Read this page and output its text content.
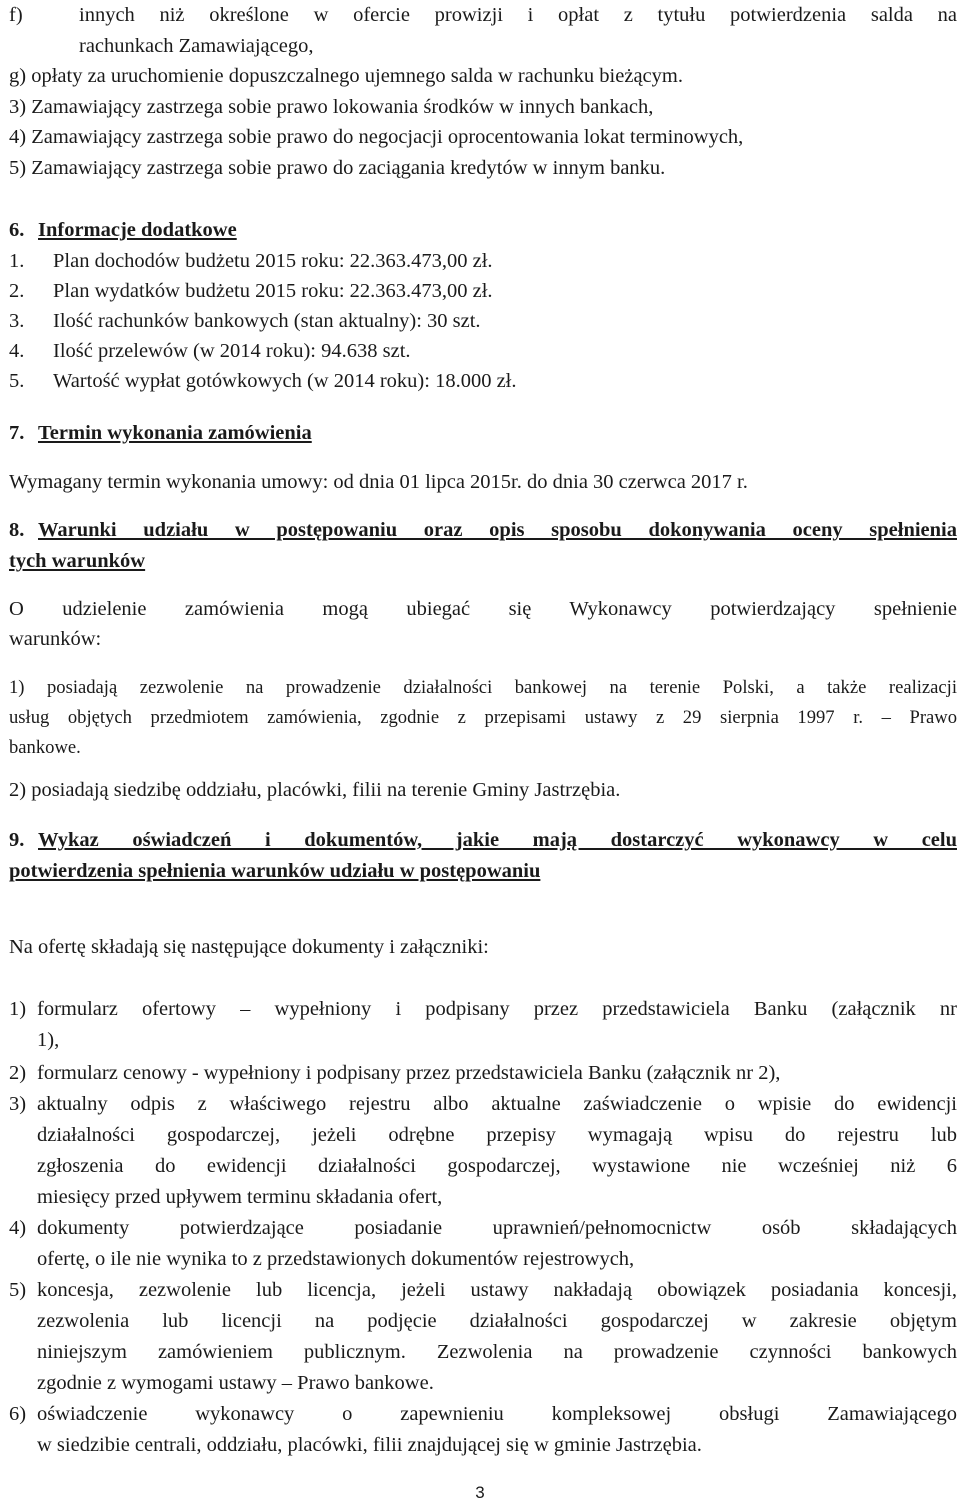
f)	innych niż określone w ofercie prowizji i opłat z tytułu potwierdzenia salda na
rachunkach Zamawiającego,
g) opłaty za uruchomienie dopuszczalnego ujemnego salda w rachunku bieżącym.
3) Zamawiający zastrzega sobie prawo lokowania środków w innych bankach,
4) Zamawiający zastrzega sobie prawo do negocjacji oprocentowania lokat terminowych,
5) Zamawiający zastrzega sobie prawo do zaciągania kredytów w innym banku.
6. Informacje dodatkowe
1. Plan dochodów budżetu 2015 roku: 22.363.473,00 zł.
2. Plan wydatków budżetu 2015 roku: 22.363.473,00 zł.
3. Ilość rachunków bankowych (stan aktualny): 30 szt.
4. Ilość przelewów (w 2014 roku): 94.638 szt.
5. Wartość wypłat gotówkowych (w 2014 roku): 18.000 zł.
7. Termin wykonania zamówienia
Wymagany termin wykonania umowy: od dnia 01 lipca 2015r. do dnia 30 czerwca 2017 r.
8. Warunki udziału w postępowaniu oraz opis sposobu dokonywania oceny spełnienia
tych warunków
O udzielenie zamówienia mogą ubiegać się Wykonawcy potwierdzający spełnienie
warunków:
1) posiadają zezwolenie na prowadzenie działalności bankowej na terenie Polski, a także realizacji
usług objętych przedmiotem zamówienia, zgodnie z przepisami ustawy z 29 sierpnia 1997 r. – Prawo
bankowe.
2) posiadają siedzibę oddziału, placówki, filii na terenie Gminy Jastrzębia.
9. Wykaz oświadczeń i dokumentów, jakie mają dostarczyć wykonawcy w celu
potwierdzenia spełnienia warunków udziału w postępowaniu
Na ofertę składają się następujące dokumenty i załączniki:
1) formularz ofertowy – wypełniony i podpisany przez przedstawiciela Banku (załącznik nr
1),
2) formularz cenowy - wypełniony i podpisany przez przedstawiciela Banku (załącznik nr 2),
3) aktualny odpis z właściwego rejestru albo aktualne zaświadczenie o wpisie do ewidencji
działalności gospodarczej, jeżeli odrębne przepisy wymagają wpisu do rejestru lub
zgłoszenia do ewidencji działalności gospodarczej, wystawione nie wcześniej niż 6
miesięcy przed upływem terminu składania ofert,
4) dokumenty potwierdzające posiadanie uprawnień/pełnomocnictw osób składających
ofertę, o ile nie wynika to z przedstawionych dokumentów rejestrowych,
5) koncesja, zezwolenie lub licencja, jeżeli ustawy nakładają obowiązek posiadania koncesji,
zezwolenia lub licencji na podjęcie działalności gospodarczej w zakresie objętym
niniejszym zamówieniem publicznym. Zezwolenia na prowadzenie czynności bankowych
zgodnie z wymogami ustawy – Prawo bankowe.
6) oświadczenie wykonawcy o zapewnieniu kompleksowej obsługi Zamawiającego
w siedzibie centrali, oddziału, placówki, filii znajdującej się w gminie Jastrzębia.
3
